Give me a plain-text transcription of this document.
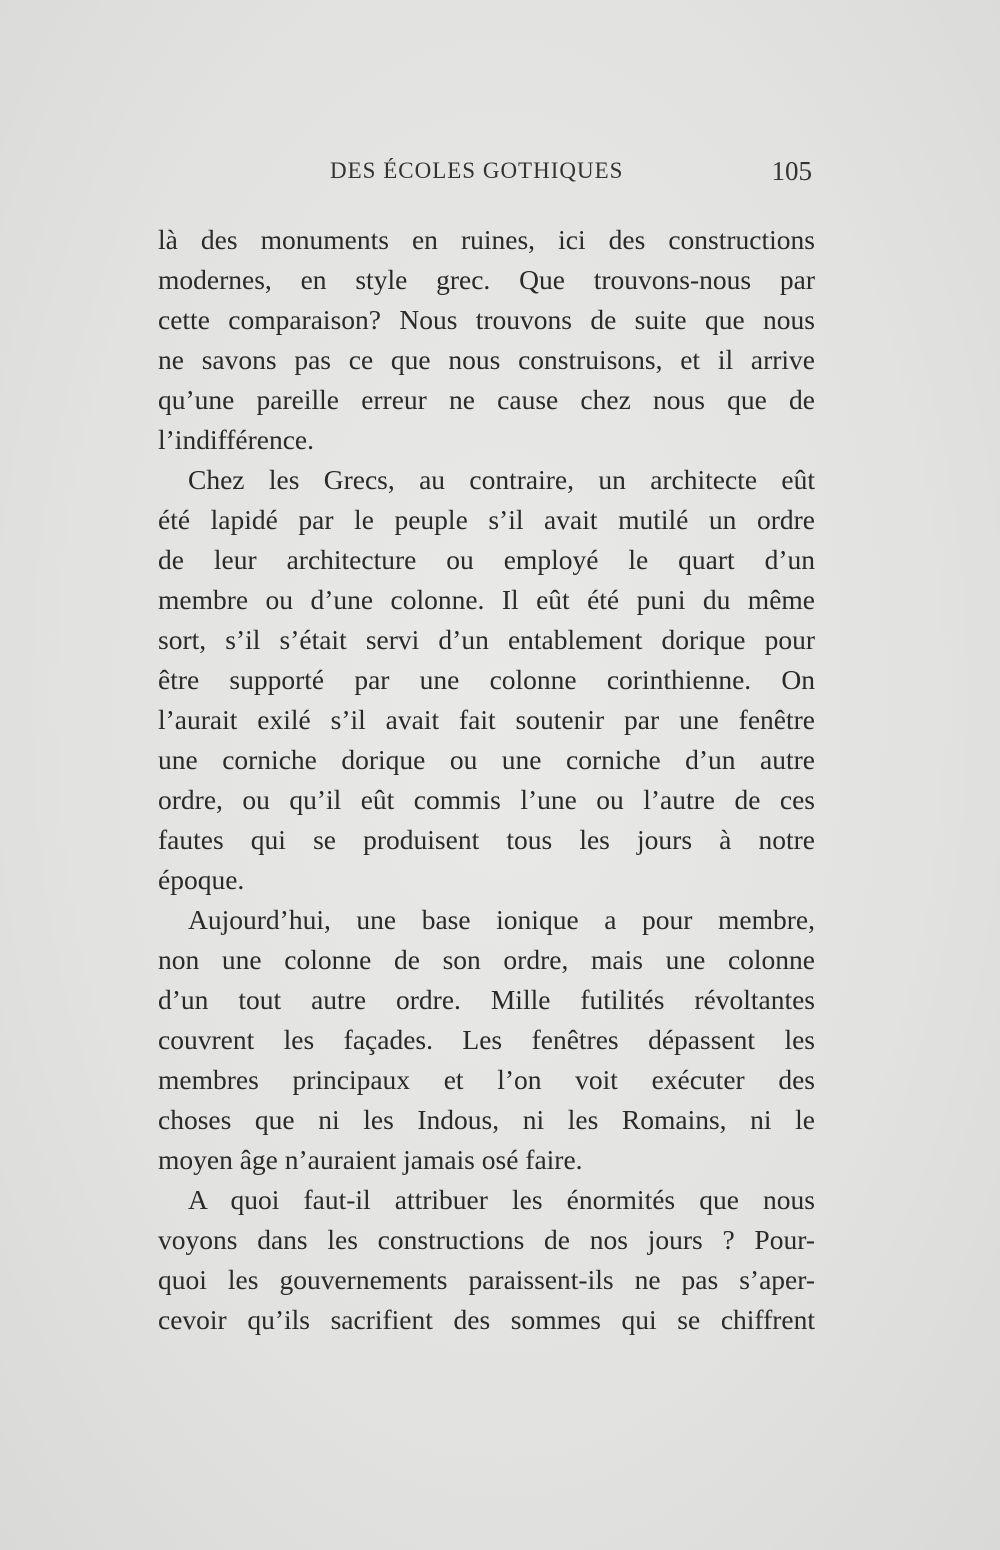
DES ÉCOLES GOTHIQUES	105
là des monuments en ruines, ici des constructions
modernes, en style grec. Que trouvons-nous par
cette comparaison? Nous trouvons de suite que nous
ne savons pas ce que nous construisons, et il arrive
qu’une pareille erreur ne cause chez nous que de
l’indifférence.
Chez les Grecs, au contraire, un architecte eût
été lapidé par le peuple s’il avait mutilé un ordre
de leur architecture ou employé le quart d’un
membre ou d’une colonne. Il eût été puni du même
sort, s’il s’était servi d’un entablement dorique pour
être supporté par une colonne corinthienne. On
l’aurait exilé s’il avait fait soutenir par une fenêtre
une corniche dorique ou une corniche d’un autre
ordre, ou qu’il eût commis l’une ou l’autre de ces
fautes qui se produisent tous les jours à notre
époque.
Aujourd’hui, une base ionique a pour membre,
non une colonne de son ordre, mais une colonne
d’un tout autre ordre. Mille futilités révoltantes
couvrent les façades. Les fenêtres dépassent les
membres principaux et l’on voit exécuter des
choses que ni les Indous, ni les Romains, ni le
moyen âge n’auraient jamais osé faire.
A quoi faut-il attribuer les énormités que nous
voyons dans les constructions de nos jours ? Pour-
quoi les gouvernements paraissent-ils ne pas s’aper-
cevoir qu’ils sacrifient des sommes qui se chiffrent
